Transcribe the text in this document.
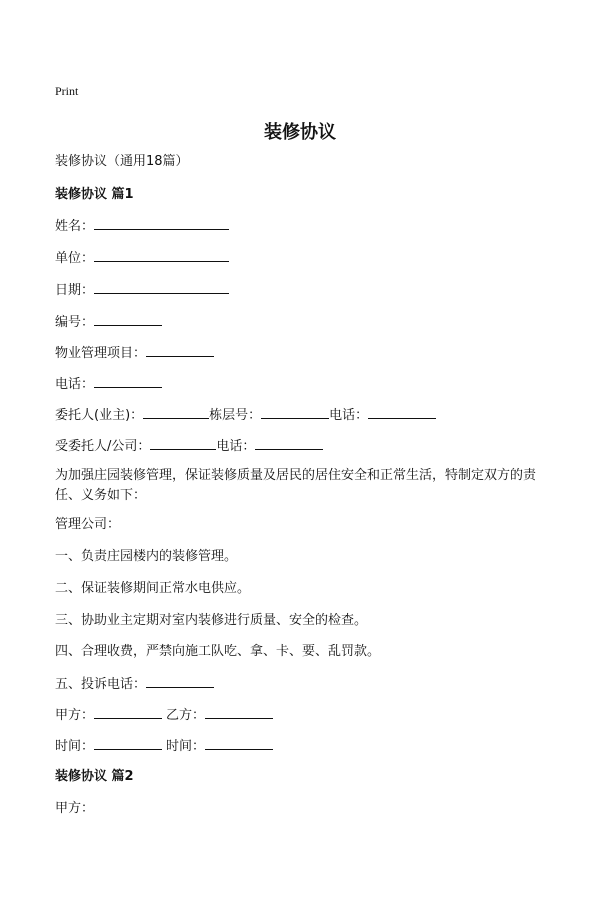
Print
装修协议
装修协议（通用18篇）
装修协议 篇1
姓名：
单位：
日期：
编号：
物业管理项目：
电话：
委托人(业主)：	栋层号：	电话：
受委托人/公司：	电话：
为加强庄园装修管理，保证装修质量及居民的居住安全和正常生活，特制定双方的责任、义务如下：
管理公司：
一、负责庄园楼内的装修管理。
二、保证装修期间正常水电供应。
三、协助业主定期对室内装修进行质量、安全的检查。
四、合理收费，严禁向施工队吃、拿、卡、要、乱罚款。
五、投诉电话：
甲方：	乙方：
时间：	时间：
装修协议 篇2
甲方：
